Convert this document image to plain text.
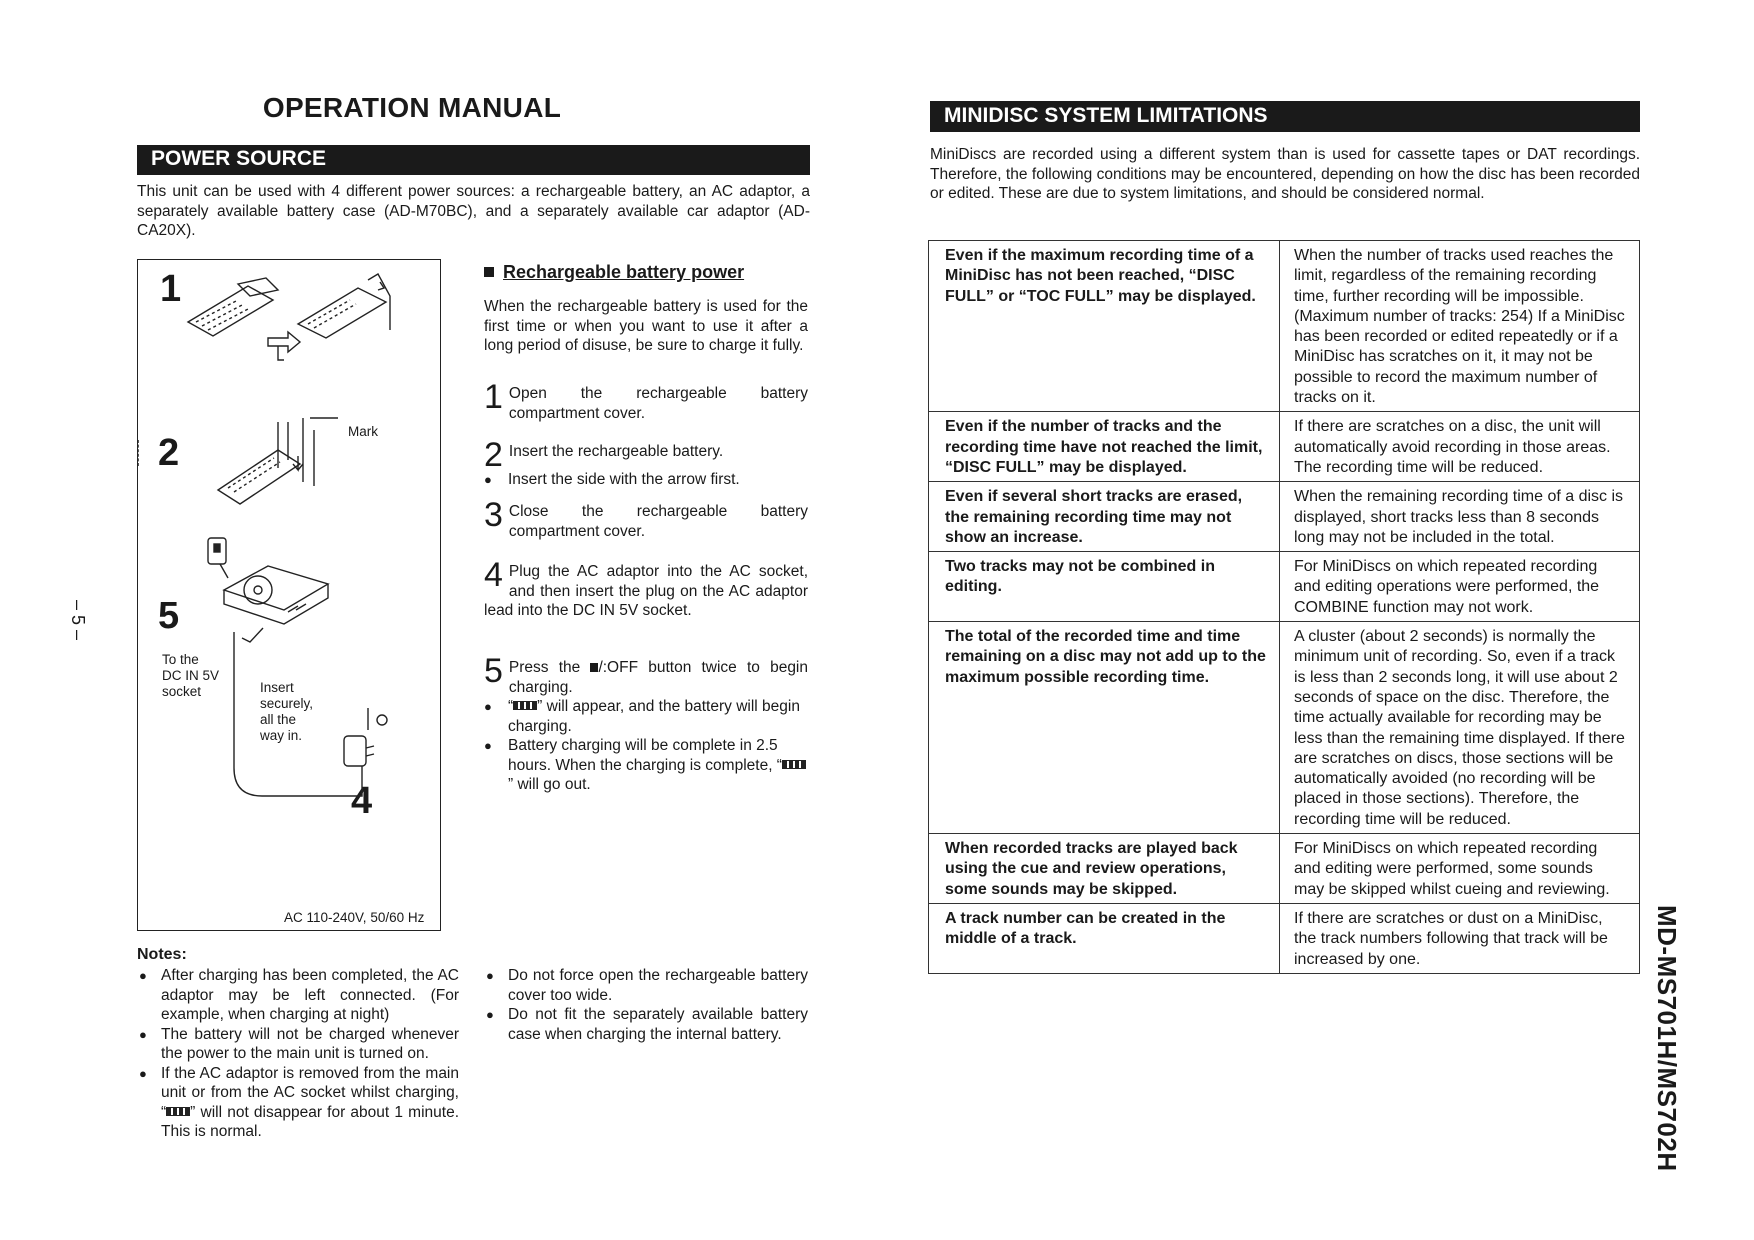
OPERATION MANUAL
POWER SOURCE
This unit can be used with 4 different power sources: a rechargeable battery, an AC adaptor, a separately available battery case (AD-M70BC), and a separately available car adaptor (AD-CA20X).
1
2
5
4
Mark
To the
DC IN 5V
socket	Insert
securely,
all the
way in.
AC 110-240V, 50/60 Hz
Rechargeable battery power
When the rechargeable battery is used for the first time or when you want to use it after a long period of disuse, be sure to charge it fully.
1 Open the rechargeable battery compartment cover.
2 Insert the rechargeable battery.
● Insert the side with the arrow first.
3 Close the rechargeable battery compartment cover.
4 Plug the AC adaptor into the AC socket, and then insert the plug on the AC adaptor lead into the DC IN 5V socket.
5 Press the /:OFF button twice to begin charging.
● “ ” will appear, and the battery will begin charging.
● Battery charging will be complete in 2.5 hours. When the charging is complete, “” will go out.
Notes:
● After charging has been completed, the AC adaptor may be left connected. (For example, when charging at night)
● The battery will not be charged whenever the power to the main unit is turned on.
● If the AC adaptor is removed from the main unit or from the AC socket whilst charging, “ ” will not disappear for about 1 minute. This is normal.
● Do not force open the rechargeable battery cover too wide.
● Do not fit the separately available battery case when charging the internal battery.
– 5 –
MINIDISC SYSTEM LIMITATIONS
MiniDiscs are recorded using a different system than is used for cassette tapes or DAT recordings. Therefore, the following conditions may be encountered, depending on how the disc has been recorded or edited. These are due to system limitations, and should be considered normal.
Even if the maximum recording time of a MiniDisc has not been reached, “DISC FULL” or “TOC FULL” may be displayed.	When the number of tracks used reaches the limit, regardless of the remaining recording time, further recording will be impossible. (Maximum number of tracks: 254) If a MiniDisc has been recorded or edited repeatedly or if a MiniDisc has scratches on it, it may not be possible to record the maximum number of tracks on it.
Even if the number of tracks and the recording time have not reached the limit, “DISC FULL” may be displayed.	If there are scratches on a disc, the unit will automatically avoid recording in those areas. The recording time will be reduced.
Even if several short tracks are erased, the remaining recording time may not show an increase.	When the remaining recording time of a disc is displayed, short tracks less than 8 seconds long may not be included in the total.
Two tracks may not be combined in editing.	For MiniDiscs on which repeated recording and editing operations were performed, the COMBINE function may not work.
The total of the recorded time and time remaining on a disc may not add up to the maximum possible recording time.	A cluster (about 2 seconds) is normally the minimum unit of recording. So, even if a track is less than 2 seconds long, it will use about 2 seconds of space on the disc. Therefore, the time actually available for recording may be less than the remaining time displayed. If there are scratches on discs, those sections will be automatically avoided (no recording will be placed in those sections). Therefore, the recording time will be reduced.
When recorded tracks are played back using the cue and review operations, some sounds may be skipped.	For MiniDiscs on which repeated recording and editing were performed, some sounds may be skipped whilst cueing and reviewing.
A track number can be created in the middle of a track.	If there are scratches or dust on a MiniDisc, the track numbers following that track will be increased by one.	MD-MS701H/MS702H
